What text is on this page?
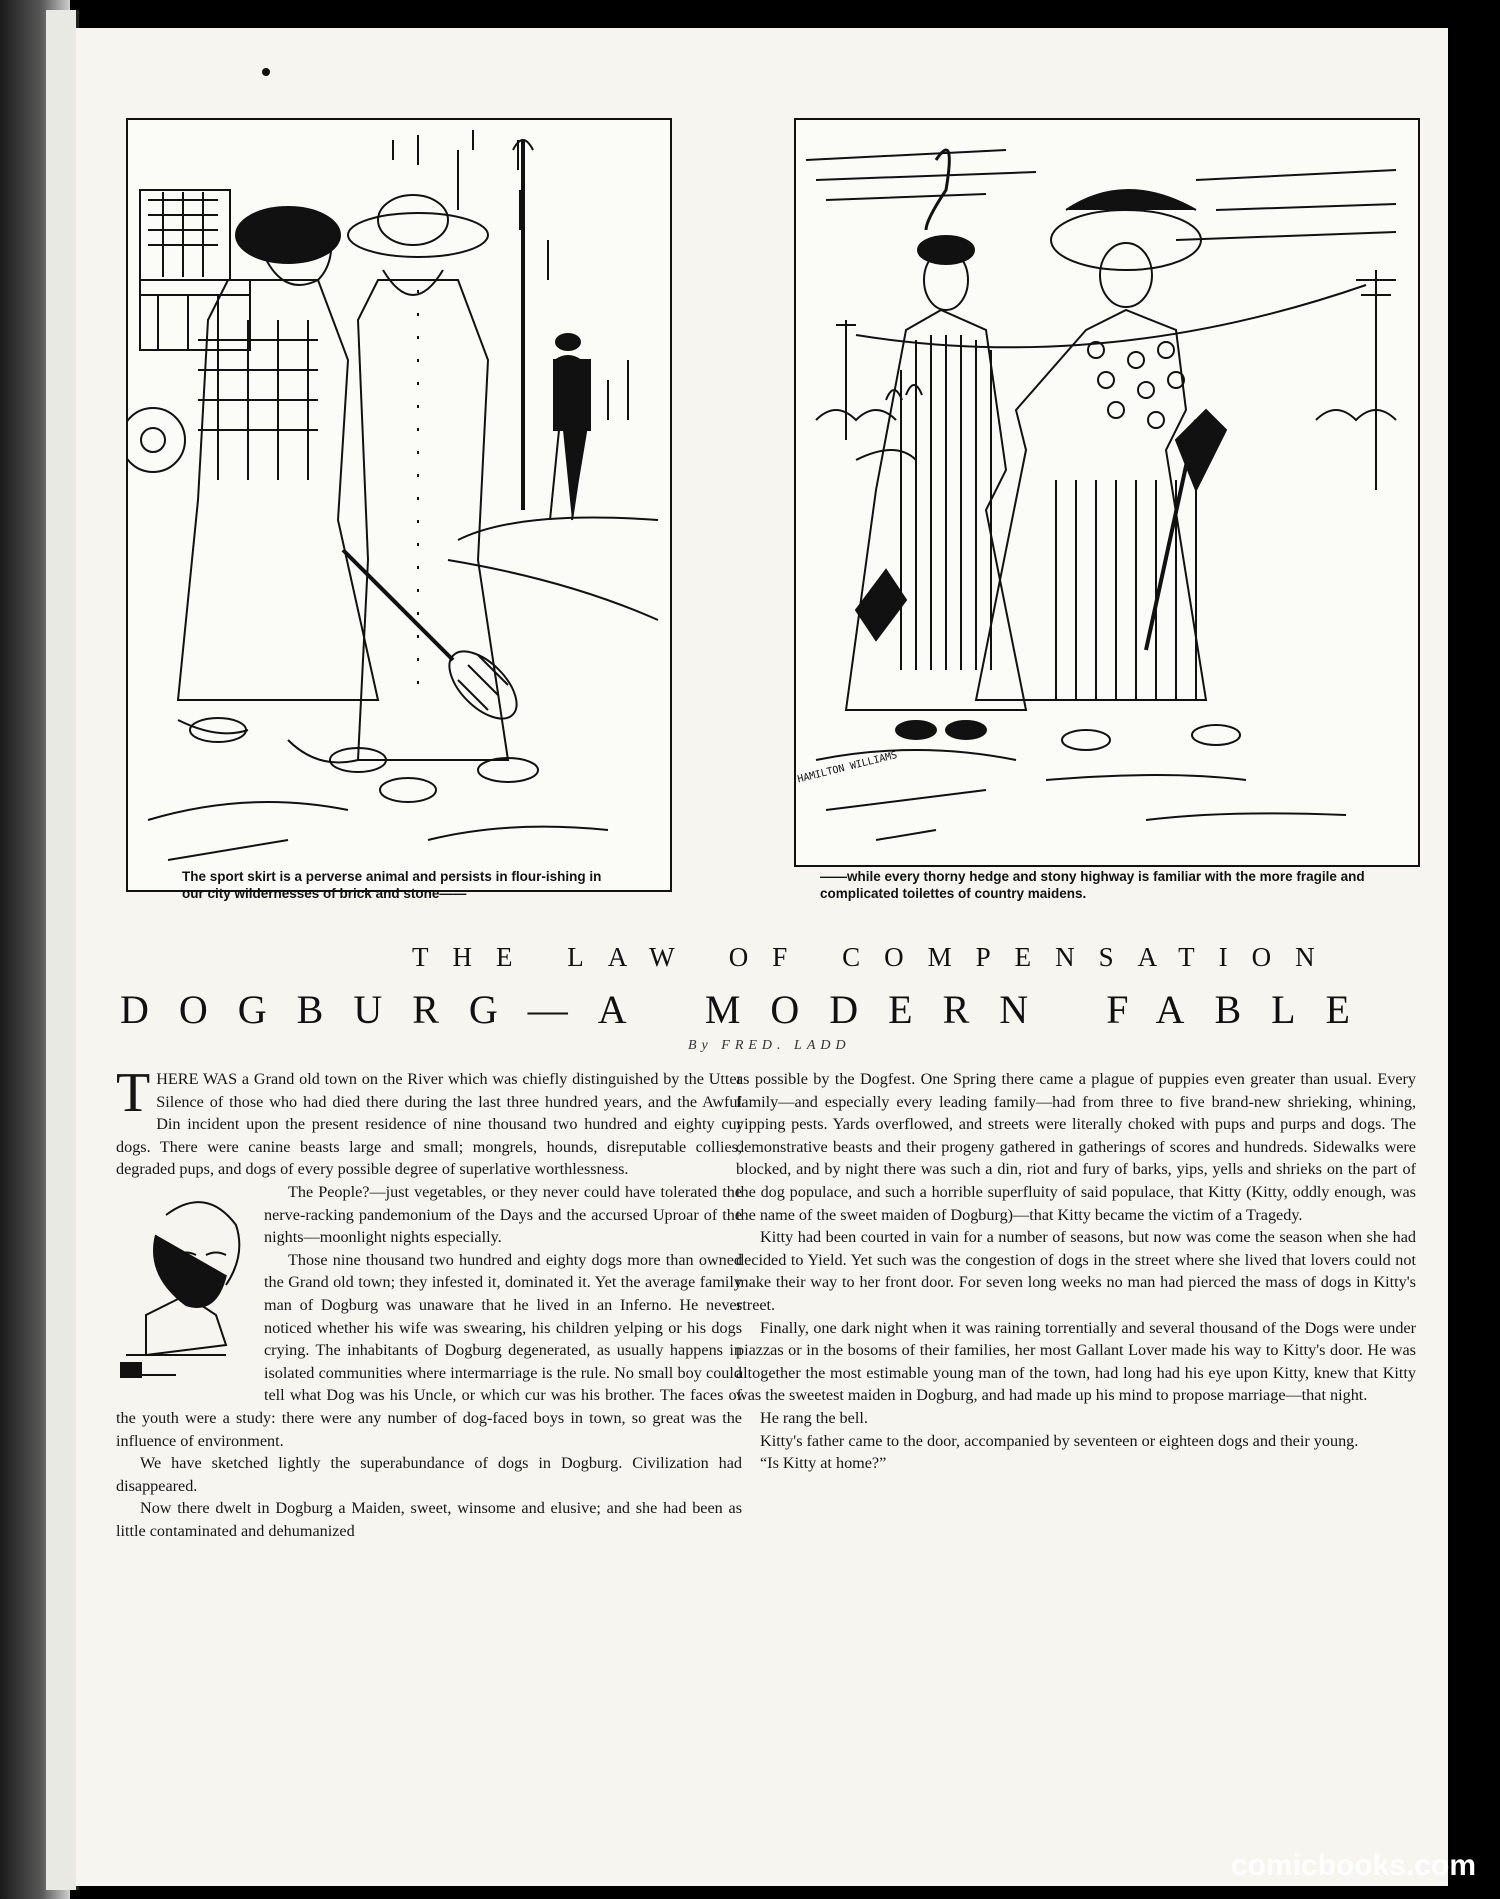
HAMILTON WILLIAMS
The sport skirt is a perverse animal and persists in flour-ishing in our city wildernesses of brick and stone——
——while every thorny hedge and stony highway is familiar with the more fragile and complicated toilettes of country maidens.
THE LAW OF COMPENSATION
DOGBURG—A MODERN FABLE
By FRED. LADD

THERE WAS a Grand old town on the River which was chiefly distinguished by the Utter Silence of those who had died there during the last three hundred years, and the Awful Din incident upon the present residence of nine thousand two hundred and eighty cur dogs. There were canine beasts large and small; mongrels, hounds, disreputable collies, degraded pups, and dogs of every possible degree of superlative worthlessness.

The People?—just vegetables, or they never could have tolerated the nerve-racking pandemonium of the Days and the accursed Uproar of the nights—moonlight nights especially.

Those nine thousand two hundred and eighty dogs more than owned the Grand old town; they infested it, dominated it. Yet the average family man of Dogburg was unaware that he lived in an Inferno. He never noticed whether his wife was swearing, his children yelping or his dogs crying. The inhabitants of Dogburg degenerated, as usually happens in isolated communities where intermarriage is the rule. No small boy could tell what Dog was his Uncle, or which cur was his brother. The faces of the youth were a study: there were any number of dog-faced boys in town, so great was the influence of environment.

We have sketched lightly the superabundance of dogs in Dogburg. Civilization had disappeared.

Now there dwelt in Dogburg a Maiden, sweet, winsome and elusive; and she had been as little contaminated and dehumanized

as possible by the Dogfest. One Spring there came a plague of puppies even greater than usual. Every family—and especially every leading family—had from three to five brand-new shrieking, whining, yipping pests. Yards overflowed, and streets were literally choked with pups and purps and dogs. The demonstrative beasts and their progeny gathered in gatherings of scores and hundreds. Sidewalks were blocked, and by night there was such a din, riot and fury of barks, yips, yells and shrieks on the part of the dog populace, and such a horrible superfluity of said populace, that Kitty (Kitty, oddly enough, was the name of the sweet maiden of Dogburg)—that Kitty became the victim of a Tragedy.

Kitty had been courted in vain for a number of seasons, but now was come the season when she had decided to Yield. Yet such was the congestion of dogs in the street where she lived that lovers could not make their way to her front door. For seven long weeks no man had pierced the mass of dogs in Kitty's street.

Finally, one dark night when it was raining torrentially and several thousand of the Dogs were under piazzas or in the bosoms of their families, her most Gallant Lover made his way to Kitty's door. He was altogether the most estimable young man of the town, had long had his eye upon Kitty, knew that Kitty was the sweetest maiden in Dogburg, and had made up his mind to propose marriage—that night.

He rang the bell.

Kitty's father came to the door, accompanied by seventeen or eighteen dogs and their young.

“Is Kitty at home?”

comicbooks.com
